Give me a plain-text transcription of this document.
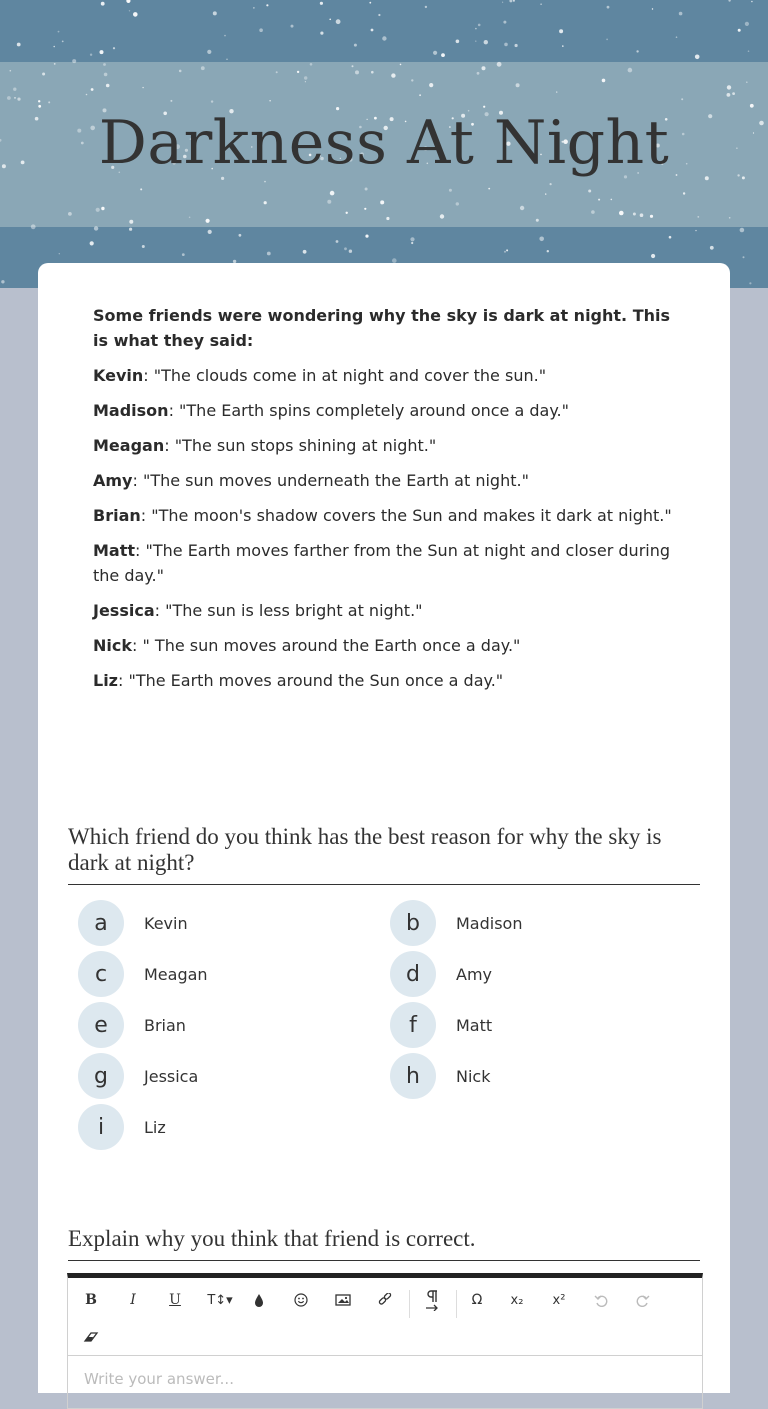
Darkness At Night

Some friends were wondering why the sky is dark at night. This is what they said:

Kevin: "The clouds come in at night and cover the sun."

Madison: "The Earth spins completely around once a day."

Meagan: "The sun stops shining at night."

Amy: "The sun moves underneath the Earth at night."

Brian: "The moon's shadow covers the Sun and makes it dark at night."

Matt: "The Earth moves farther from the Sun at night and closer during the day."

Jessica: "The sun is less bright at night."

Nick: " The sun moves around the Earth once a day."

Liz: "The Earth moves around the Sun once a day."

Which friend do you think has the best reason for why the sky is dark at night?
a	Kevin	b	Madison
c	Meagan	d	Amy
e	Brian	f	Matt
g	Jessica	h	Nick
i	Liz
Explain why you think that friend is correct.
B	I	U	T↕▾	Ω	x₂	x²
Write your answer...
